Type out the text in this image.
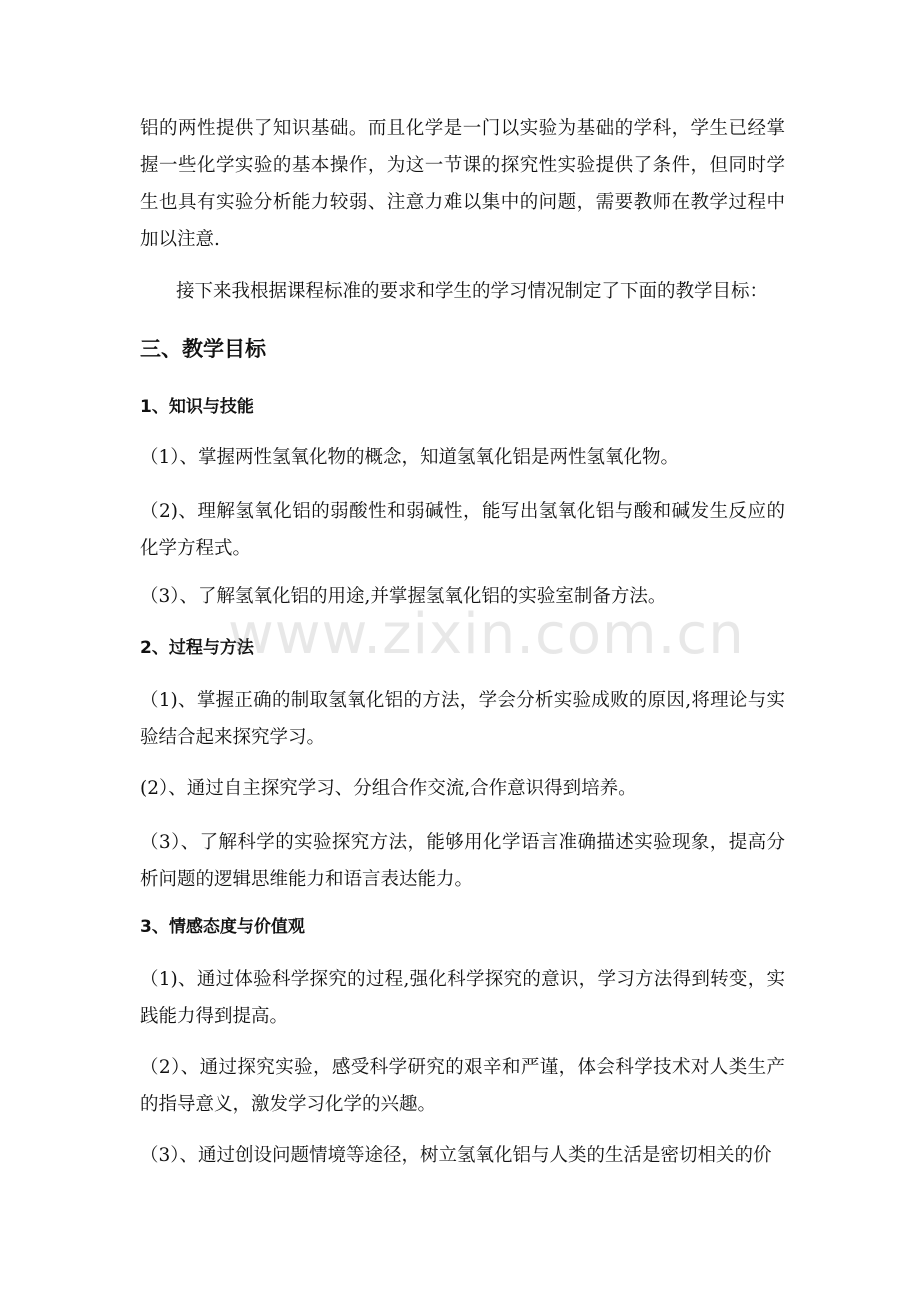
铝的两性提供了知识基础。而且化学是一门以实验为基础的学科，学生已经掌握一些化学实验的基本操作，为这一节课的探究性实验提供了条件，但同时学生也具有实验分析能力较弱、注意力难以集中的问题，需要教师在教学过程中加以注意.

接下来我根据课程标准的要求和学生的学习情况制定了下面的教学目标：

三、教学目标
1、知识与技能

（1）、掌握两性氢氧化物的概念，知道氢氧化铝是两性氢氧化物。

（2)、理解氢氧化铝的弱酸性和弱碱性，能写出氢氧化铝与酸和碱发生反应的化学方程式。

（3）、了解氢氧化铝的用途,并掌握氢氧化铝的实验室制备方法。

2、过程与方法

（1)、掌握正确的制取氢氧化铝的方法，学会分析实验成败的原因,将理论与实验结合起来探究学习。

(2）、通过自主探究学习、分组合作交流,合作意识得到培养。

（3）、了解科学的实验探究方法，能够用化学语言准确描述实验现象，提高分析问题的逻辑思维能力和语言表达能力。

3、情感态度与价值观

（1)、通过体验科学探究的过程,强化科学探究的意识，学习方法得到转变，实践能力得到提高。

（2）、通过探究实验，感受科学研究的艰辛和严谨，体会科学技术对人类生产的指导意义，激发学习化学的兴趣。

（3）、通过创设问题情境等途径，树立氢氧化铝与人类的生活是密切相关的价

www.zixin.com.cn
